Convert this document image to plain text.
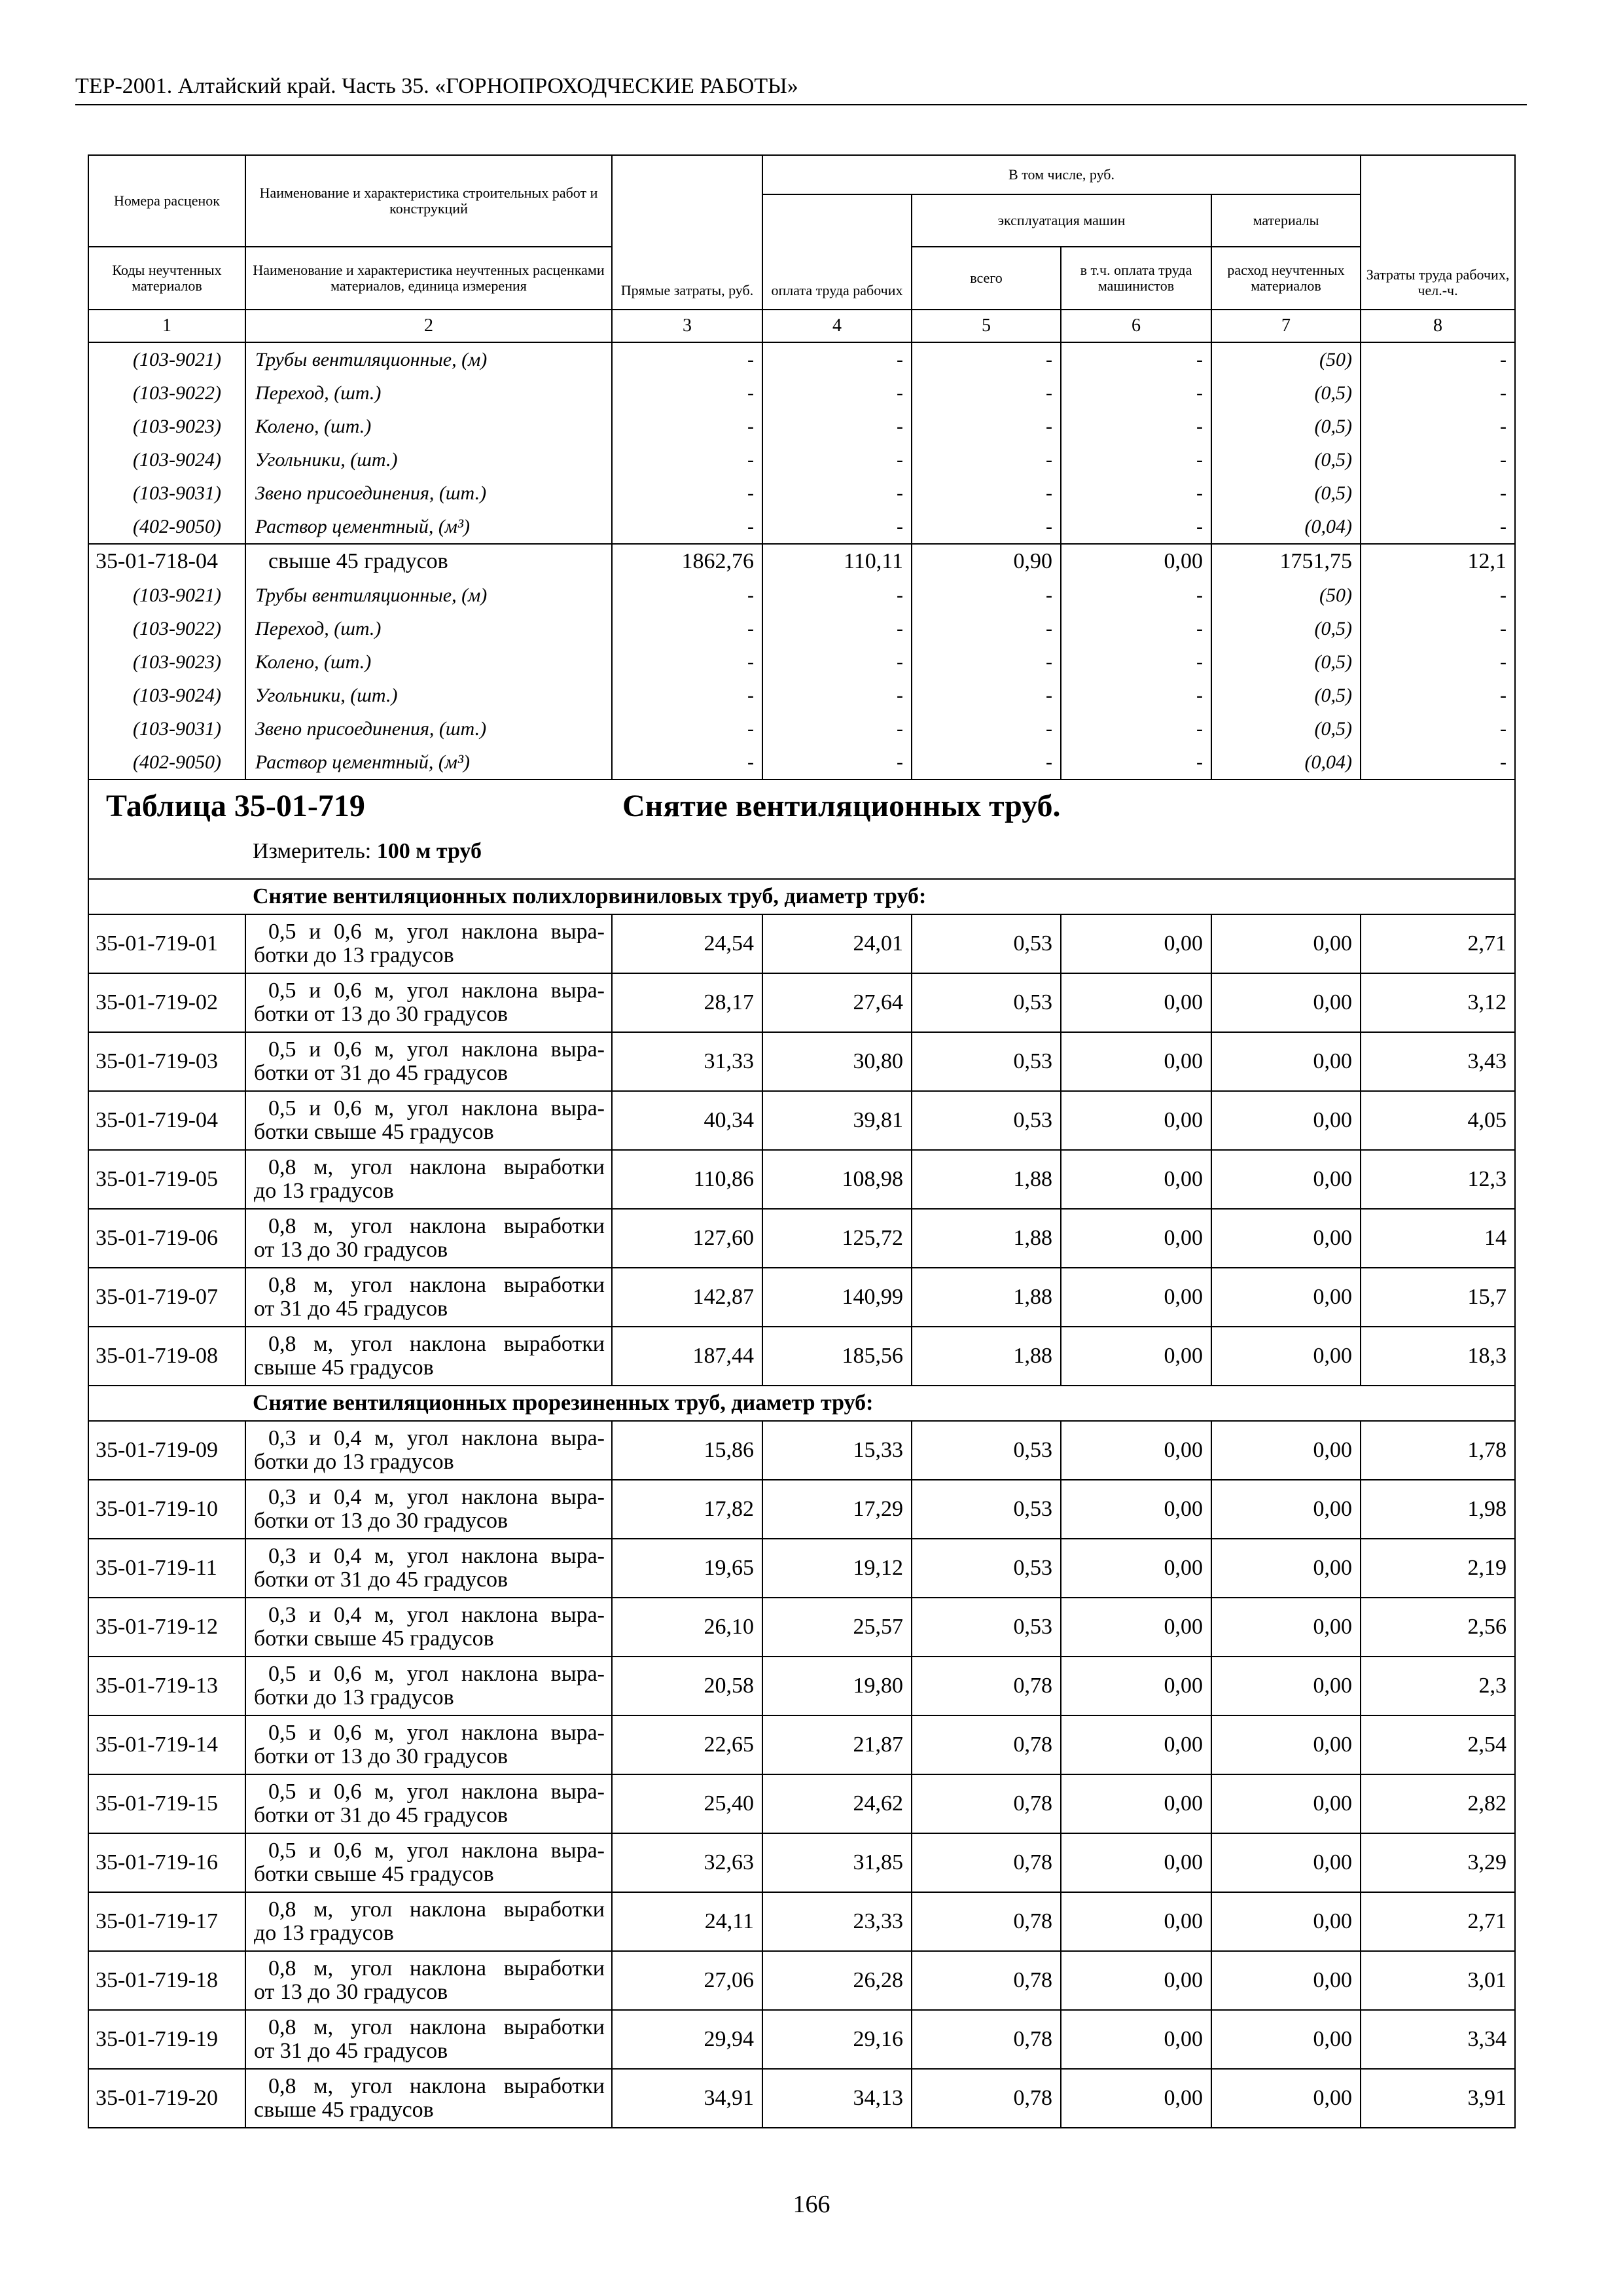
ТЕР-2001. Алтайский край. Часть 35. «ГОРНОПРОХОДЧЕСКИЕ РАБОТЫ»
Номера расценок	Наименование и характеристика строительных работ и конструкций	Прямые затраты, руб.	В том числе, руб.				Затраты труда рабочих, чел.-ч.
			оплата труда рабочих	эксплуатация машин		материалы	
Коды неучтенных материалов	Наименование и характеристика неучтенных расценками материалов, единица измерения			всего	в т.ч. оплата труда машинистов	расход неучтенных материалов	
1	2	3	4	5	6	7	8
(103-9021)	Трубы вентиляционные, (м)	-	-	-	-	(50)	-
(103-9022)	Переход, (шт.)	-	-	-	-	(0,5)	-
(103-9023)	Колено, (шт.)	-	-	-	-	(0,5)	-
(103-9024)	Угольники, (шт.)	-	-	-	-	(0,5)	-
(103-9031)	Звено присоединения, (шт.)	-	-	-	-	(0,5)	-
(402-9050)	Раствор цементный, (м³)	-	-	-	-	(0,04)	-
35-01-718-04	свыше 45 градусов	1862,76	110,11	0,90	0,00	1751,75	12,1
(103-9021)	Трубы вентиляционные, (м)	-	-	-	-	(50)	-
(103-9022)	Переход, (шт.)	-	-	-	-	(0,5)	-
(103-9023)	Колено, (шт.)	-	-	-	-	(0,5)	-
(103-9024)	Угольники, (шт.)	-	-	-	-	(0,5)	-
(103-9031)	Звено присоединения, (шт.)	-	-	-	-	(0,5)	-
(402-9050)	Раствор цементный, (м³)	-	-	-	-	(0,04)	-

Таблица 35-01-719 Снятие вентиляционных труб.
Измеритель: 100 м труб							

Снятие вентиляционных полихлорвиниловых труб, диаметр труб:							
35-01-719-01	0,5 и 0,6 м, угол наклона выра-
ботки до 13 градусов	24,54	24,01	0,53	0,00	0,00	2,71
35-01-719-02	0,5 и 0,6 м, угол наклона выра-
ботки от 13 до 30 градусов	28,17	27,64	0,53	0,00	0,00	3,12
35-01-719-03	0,5 и 0,6 м, угол наклона выра-
ботки от 31 до 45 градусов	31,33	30,80	0,53	0,00	0,00	3,43
35-01-719-04	0,5 и 0,6 м, угол наклона выра-
ботки свыше 45 градусов	40,34	39,81	0,53	0,00	0,00	4,05
35-01-719-05	0,8 м, угол наклона выработки
до 13 градусов	110,86	108,98	1,88	0,00	0,00	12,3
35-01-719-06	0,8 м, угол наклона выработки
от 13 до 30 градусов	127,60	125,72	1,88	0,00	0,00	14
35-01-719-07	0,8 м, угол наклона выработки
от 31 до 45 градусов	142,87	140,99	1,88	0,00	0,00	15,7
35-01-719-08	0,8 м, угол наклона выработки
свыше 45 градусов	187,44	185,56	1,88	0,00	0,00	18,3
Снятие вентиляционных прорезиненных труб, диаметр труб:							
35-01-719-09	0,3 и 0,4 м, угол наклона выра-
ботки до 13 градусов	15,86	15,33	0,53	0,00	0,00	1,78
35-01-719-10	0,3 и 0,4 м, угол наклона выра-
ботки от 13 до 30 градусов	17,82	17,29	0,53	0,00	0,00	1,98
35-01-719-11	0,3 и 0,4 м, угол наклона выра-
ботки от 31 до 45 градусов	19,65	19,12	0,53	0,00	0,00	2,19
35-01-719-12	0,3 и 0,4 м, угол наклона выра-
ботки свыше 45 градусов	26,10	25,57	0,53	0,00	0,00	2,56
35-01-719-13	0,5 и 0,6 м, угол наклона выра-
ботки до 13 градусов	20,58	19,80	0,78	0,00	0,00	2,3
35-01-719-14	0,5 и 0,6 м, угол наклона выра-
ботки от 13 до 30 градусов	22,65	21,87	0,78	0,00	0,00	2,54
35-01-719-15	0,5 и 0,6 м, угол наклона выра-
ботки от 31 до 45 градусов	25,40	24,62	0,78	0,00	0,00	2,82
35-01-719-16	0,5 и 0,6 м, угол наклона выра-
ботки свыше 45 градусов	32,63	31,85	0,78	0,00	0,00	3,29
35-01-719-17	0,8 м, угол наклона выработки
до 13 градусов	24,11	23,33	0,78	0,00	0,00	2,71
35-01-719-18	0,8 м, угол наклона выработки
от 13 до 30 градусов	27,06	26,28	0,78	0,00	0,00	3,01
35-01-719-19	0,8 м, угол наклона выработки
от 31 до 45 градусов	29,94	29,16	0,78	0,00	0,00	3,34
35-01-719-20	0,8 м, угол наклона выработки
свыше 45 градусов	34,91	34,13	0,78	0,00	0,00	3,91
166
